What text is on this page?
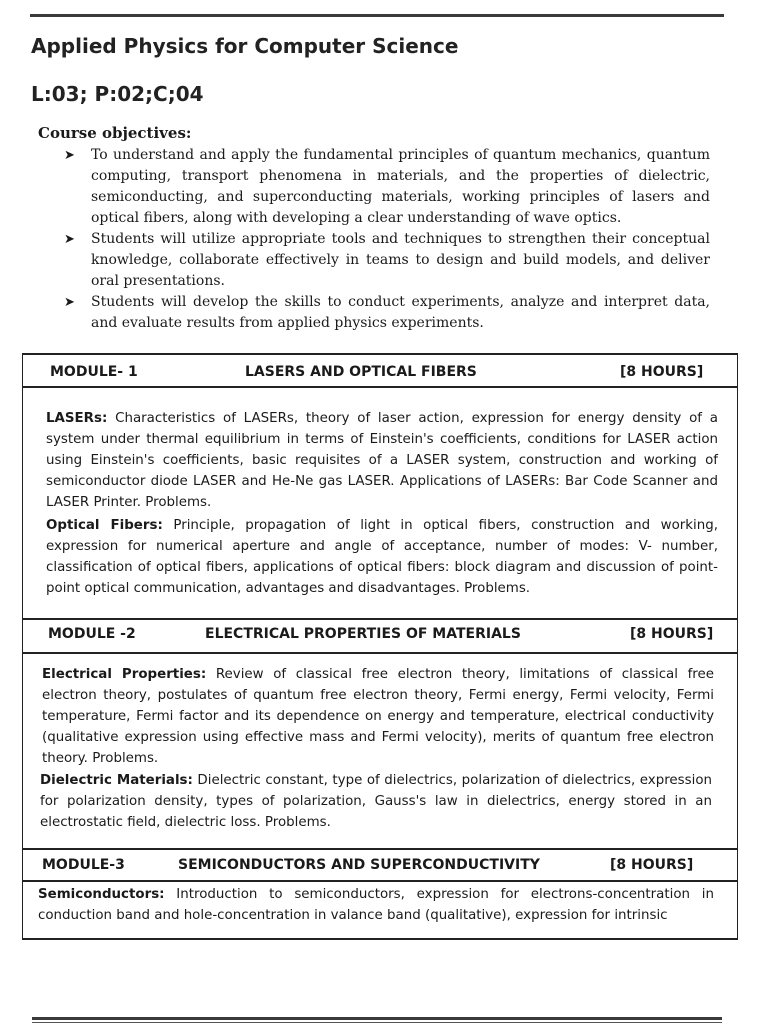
Applied Physics for Computer Science
L:03; P:02;C;04
Course objectives:

➤ To understand and apply the fundamental principles of quantum mechanics, quantum computing, transport phenomena in materials, and the properties of dielectric, semiconducting, and superconducting materials, working principles of lasers and optical fibers, along with developing a clear understanding of wave optics.

➤ Students will utilize appropriate tools and techniques to strengthen their conceptual knowledge, collaborate effectively in teams to design and build models, and deliver oral presentations.

➤ Students will develop the skills to conduct experiments, analyze and interpret data, and evaluate results from applied physics experiments.

MODULE- 1	LASERS AND OPTICAL FIBERS	[8 HOURS]

LASERs: Characteristics of LASERs, theory of laser action, expression for energy density of a system under thermal equilibrium in terms of Einstein's coefficients, conditions for LASER action using Einstein's coefficients, basic requisites of a LASER system, construction and working of semiconductor diode LASER and He-Ne gas LASER. Applications of LASERs: Bar Code Scanner and LASER Printer. Problems.

Optical Fibers: Principle, propagation of light in optical fibers, construction and working, expression for numerical aperture and angle of acceptance, number of modes: V- number, classification of optical fibers, applications of optical fibers: block diagram and discussion of point-point optical communication, advantages and disadvantages. Problems.

MODULE -2	ELECTRICAL PROPERTIES OF MATERIALS	[8 HOURS]

Electrical Properties: Review of classical free electron theory, limitations of classical free electron theory, postulates of quantum free electron theory, Fermi energy, Fermi velocity, Fermi temperature, Fermi factor and its dependence on energy and temperature, electrical conductivity (qualitative expression using effective mass and Fermi velocity), merits of quantum free electron theory. Problems.

Dielectric Materials: Dielectric constant, type of dielectrics, polarization of dielectrics, expression for polarization density, types of polarization, Gauss's law in dielectrics, energy stored in an electrostatic field, dielectric loss. Problems.

MODULE-3	SEMICONDUCTORS AND SUPERCONDUCTIVITY	[8 HOURS]

Semiconductors: Introduction to semiconductors, expression for electrons-concentration in conduction band and hole-concentration in valance band (qualitative), expression for intrinsic
